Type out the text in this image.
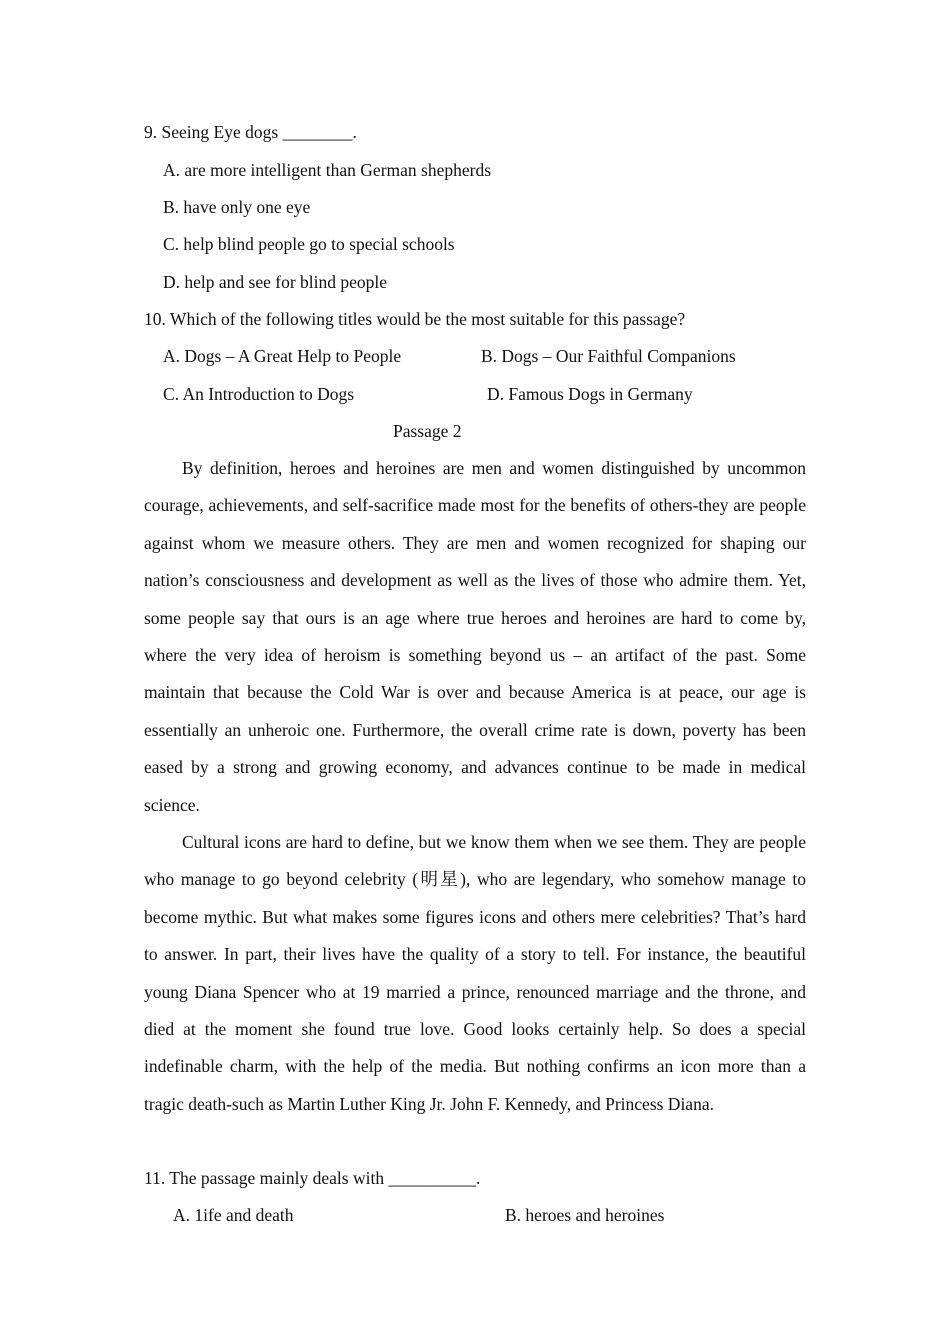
9. Seeing Eye dogs ________.
A. are more intelligent than German shepherds
B. have only one eye
C. help blind people go to special schools
D. help and see for blind people
10. Which of the following titles would be the most suitable for this passage?
A. Dogs – A Great Help to People	B. Dogs – Our Faithful Companions
C. An Introduction to Dogs	D. Famous Dogs in Germany
Passage 2
By definition, heroes and heroines are men and women distinguished by uncommon courage, achievements, and self-sacrifice made most for the benefits of others-they are people against whom we measure others. They are men and women recognized for shaping our nation’s consciousness and development as well as the lives of those who admire them. Yet, some people say that ours is an age where true heroes and heroines are hard to come by, where the very idea of heroism is something beyond us – an artifact of the past. Some maintain that because the Cold War is over and because America is at peace, our age is essentially an unheroic one. Furthermore, the overall crime rate is down, poverty has been eased by a strong and growing economy, and advances continue to be made in medical science.
Cultural icons are hard to define, but we know them when we see them. They are people who manage to go beyond celebrity (明星), who are legendary, who somehow manage to become mythic. But what makes some figures icons and others mere celebrities? That’s hard to answer. In part, their lives have the quality of a story to tell. For instance, the beautiful young Diana Spencer who at 19 married a prince, renounced marriage and the throne, and died at the moment she found true love. Good looks certainly help. So does a special indefinable charm, with the help of the media. But nothing confirms an icon more than a tragic death-such as Martin Luther King Jr. John F. Kennedy, and Princess Diana.
11. The passage mainly deals with __________.
A. 1ife and death	B. heroes and heroines
